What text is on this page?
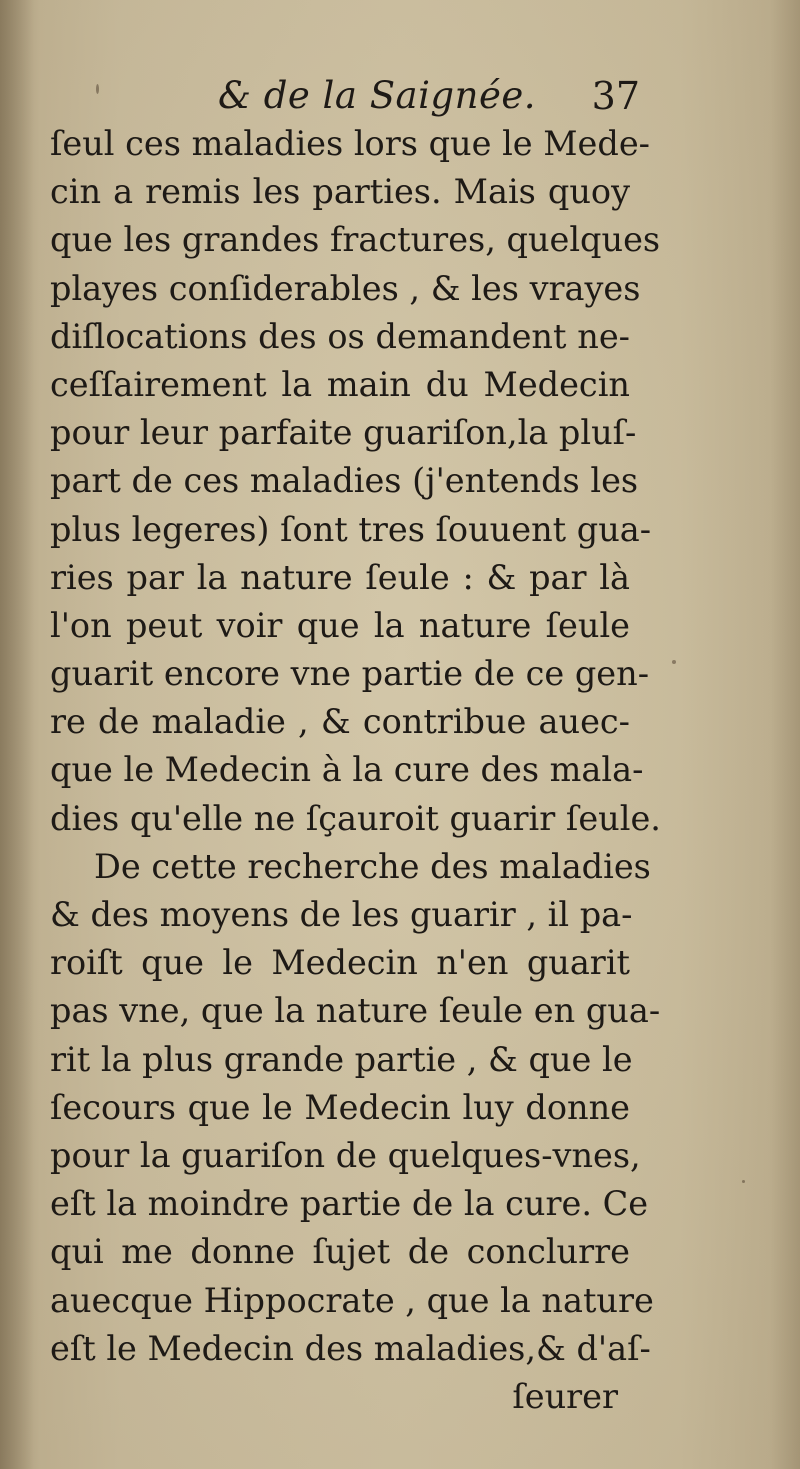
& de la Saignée. 37
ſeul ces maladies lors que le Mede-
cin a remis les parties. Mais quoy
que les grandes fractures, quelques
playes conſiderables , & les vrayes
diſlocations des os demandent ne-
ceſſairement la main du Medecin
pour leur parfaite guariſon,la pluſ-
part de ces maladies (j'entends les
plus legeres) ſont tres ſouuent gua-
ries par la nature ſeule : & par là
l'on peut voir que la nature ſeule
guarit encore vne partie de ce gen-
re de maladie , & contribue auec-
que le Medecin à la cure des mala-
dies qu'elle ne ſçauroit guarir ſeule.
De cette recherche des maladies
& des moyens de les guarir , il pa-
roiſt que le Medecin n'en guarit
pas vne, que la nature ſeule en gua-
rit la plus grande partie , & que le
ſecours que le Medecin luy donne
pour la guariſon de quelques-vnes,
eſt la moindre partie de la cure. Ce
qui me donne ſujet de conclurre
auecque Hippocrate , que la nature
eſt le Medecin des maladies,& d'aſ-
ſeurer
